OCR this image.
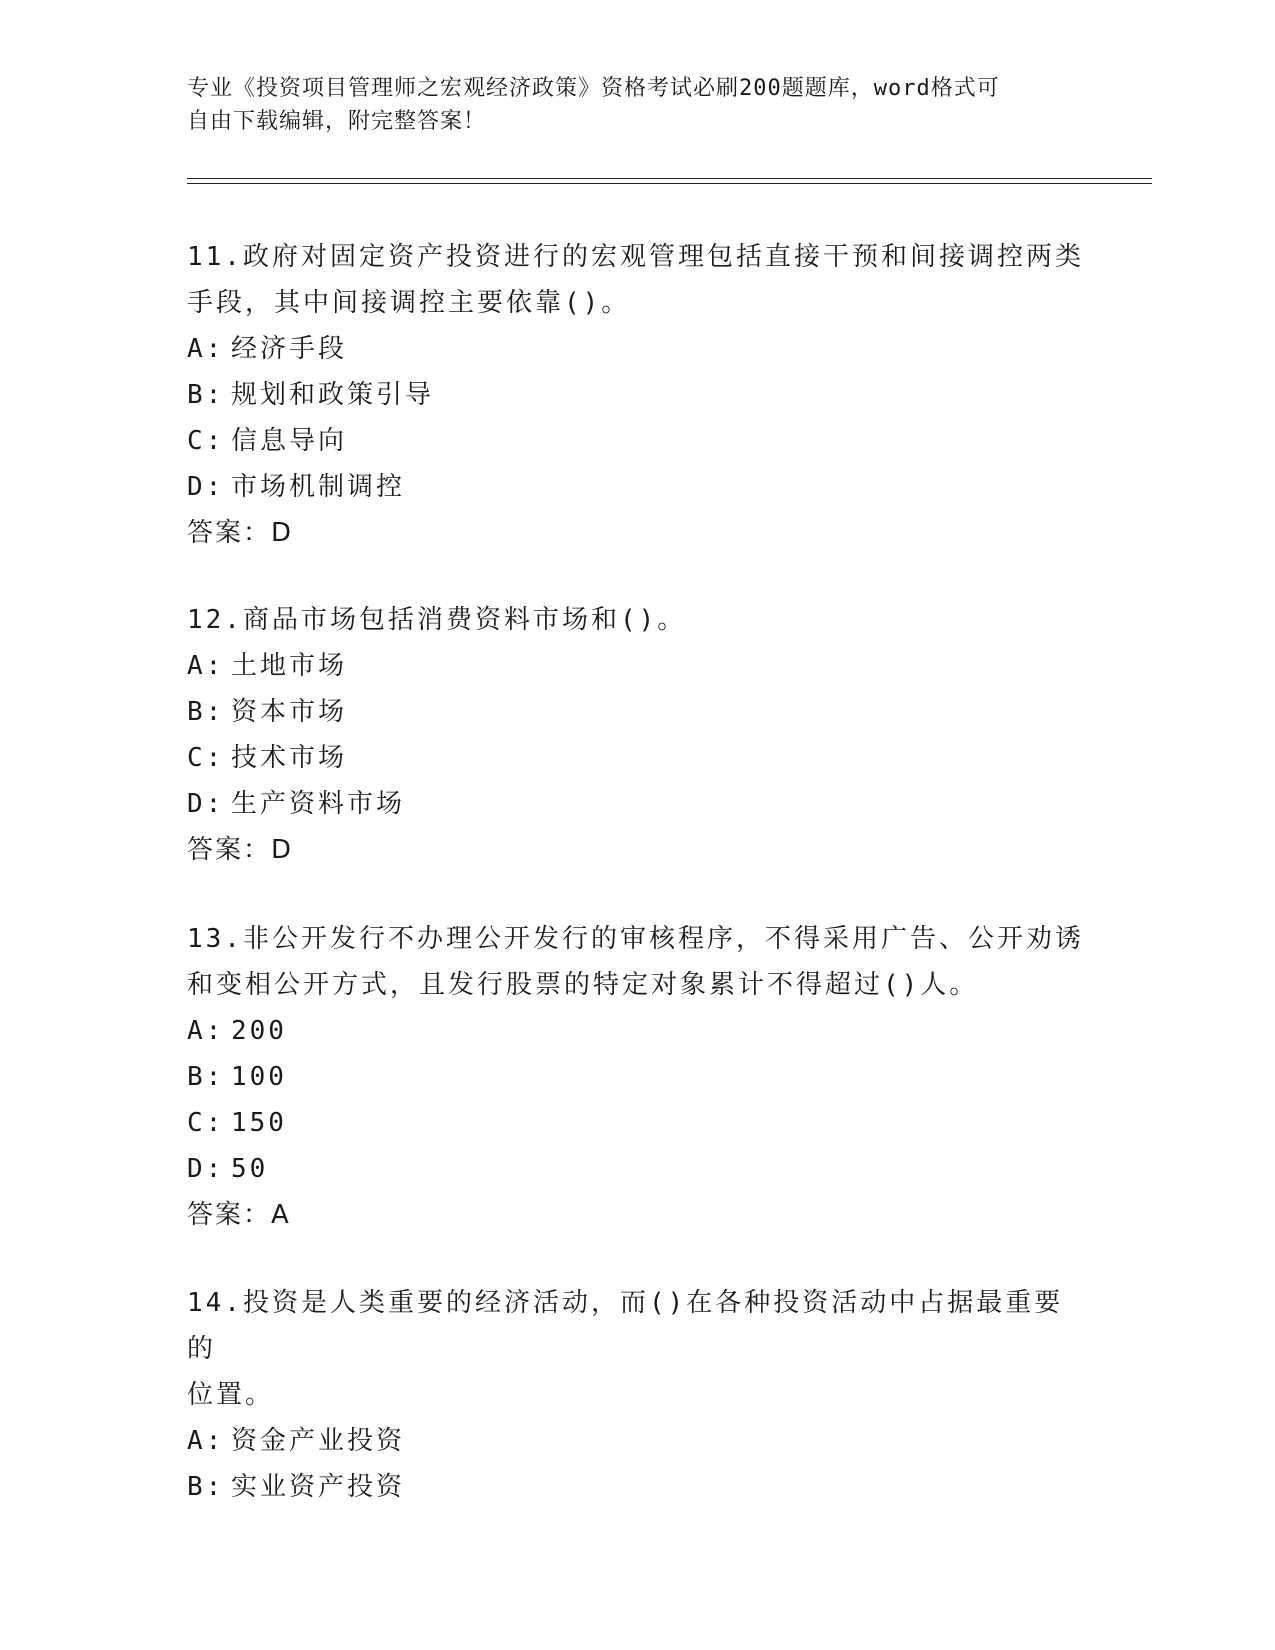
专业《投资项目管理师之宏观经济政策》资格考试必刷200题题库，word格式可
自由下载编辑，附完整答案！

11.政府对固定资产投资进行的宏观管理包括直接干预和间接调控两类

手段，其中间接调控主要依靠()。

A: 经济手段

B: 规划和政策引导

C: 信息导向

D: 市场机制调控

答案：D

12.商品市场包括消费资料市场和()。

A: 土地市场

B: 资本市场

C: 技术市场

D: 生产资料市场

答案：D

13.非公开发行不办理公开发行的审核程序，不得采用广告、公开劝诱

和变相公开方式，且发行股票的特定对象累计不得超过()人。

A: 200

B: 100

C: 150

D: 50

答案：A

14.投资是人类重要的经济活动，而()在各种投资活动中占据最重要的

位置。

A: 资金产业投资

B: 实业资产投资
